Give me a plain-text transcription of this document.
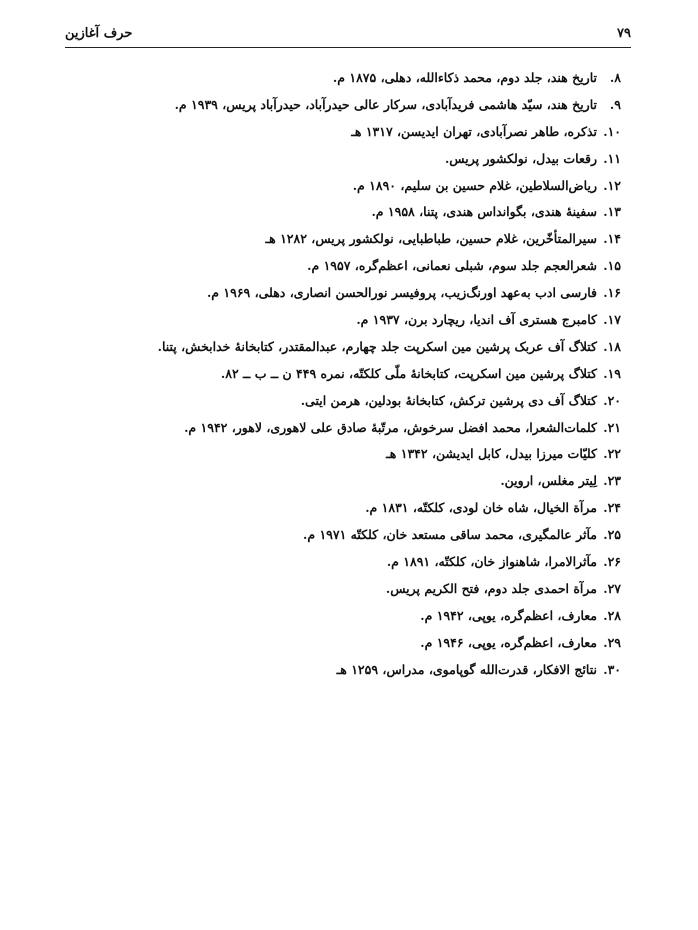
۷۹
حرف آغازین
۸.
تاریخ هند، جلد دوم، محمد ذکاءالله، دهلی، ۱۸۷۵ م.
۹.
تاریخ هند، سیّد هاشمی فریدآبادی، سرکار عالی حیدرآباد، حیدرآباد پریس، ۱۹۳۹ م.
۱۰.
تذکره، طاهر نصرآبادی، تهران ایدیسن، ۱۳۱۷ هـ
۱۱.
رقعات بیدل، نولکشور پریس.
۱۲.
ریاض‌السلاطین، غلام حسین بن سلیم، ۱۸۹۰ م.
۱۳.
سفینهٔ هندی، بگوانداس هندی، پتنا، ۱۹۵۸ م.
۱۴.
سیرالمتأخّرین، غلام حسین، طباطبایی، نولکشور پریس، ۱۲۸۲ هـ
۱۵.
شعرالعجم جلد سوم، شبلی نعمانی، اعظم‌گره، ۱۹۵۷ م.
۱۶.
فارسی ادب به‌عهد اورنگ‌زیب، پروفیسر نورالحسن انصاری، دهلی، ۱۹۶۹ م.
۱۷.
کامبرج هستری آف اندیا، ریچارد برن، ۱۹۳۷ م.
۱۸.
کتلاگ آف عربک پرشین مین اسکرپت جلد چهارم، عبدالمقتدر، کتابخانهٔ خدابخش، پتنا.
۱۹.
کتلاگ پرشین مین اسکرپت، کتابخانهٔ ملّی کلکتّه، نمره ۴۴۹ ن ــ ب ــ ۸۲.
۲۰.
کتلاگ آف دی پرشین ترکش، کتابخانهٔ بودلین، هرمن ایتی.
۲۱.
کلمات‌الشعرا، محمد افضل سرخوش، مرتّبهٔ صادق علی لاهوری، لاهور، ۱۹۴۲ م.
۲۲.
کلیّات میرزا بیدل، کابل ایدیشن، ۱۳۴۲ هـ
۲۳.
لِیتر مغلس، اروین.
۲۴.
مرآة الخیال، شاه خان لودی، کلکتّه، ۱۸۳۱ م.
۲۵.
مآثر عالمگیری، محمد ساقی مستعد خان، کلکتّه ۱۹۷۱ م.
۲۶.
مآثرالامرا، شاهنواز خان، کلکتّه، ۱۸۹۱ م.
۲۷.
مرآة احمدی جلد دوم، فتح الکریم پریس.
۲۸.
معارف، اعظم‌گره، یوپی، ۱۹۴۲ م.
۲۹.
معارف، اعظم‌گره، یوپی، ۱۹۴۶ م.
۳۰.
نتائج الافکار، قدرت‌الله گوپاموی، مدراس، ۱۲۵۹ هـ
